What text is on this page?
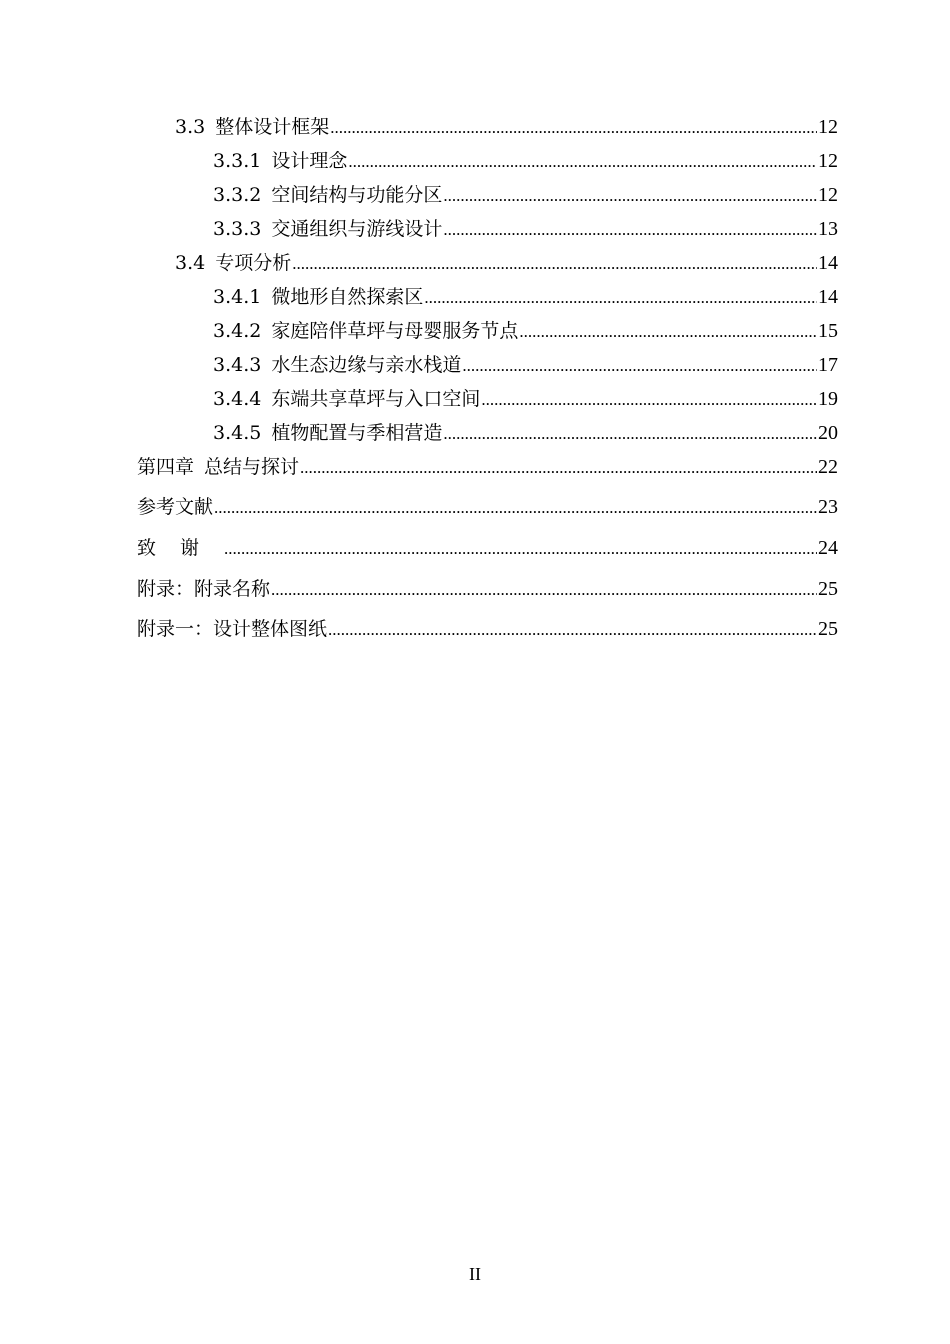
3.3 整体设计框架 .....	12
3.3.1 设计理念 .....	12
3.3.2 空间结构与功能分区 .....	12
3.3.3 交通组织与游线设计 .....	13
3.4 专项分析 .....	14
3.4.1 微地形自然探索区 .....	14
3.4.2 家庭陪伴草坪与母婴服务节点 .....	15
3.4.3 水生态边缘与亲水栈道 .....	17
3.4.4 东端共享草坪与入口空间 .....	19
3.4.5 植物配置与季相营造 .....	20
第四章 总结与探讨 .....	22
参考文献 .....	23
致谢 .....	24
附录：附录名称 .....	25
附录一：设计整体图纸 .....	25
II
